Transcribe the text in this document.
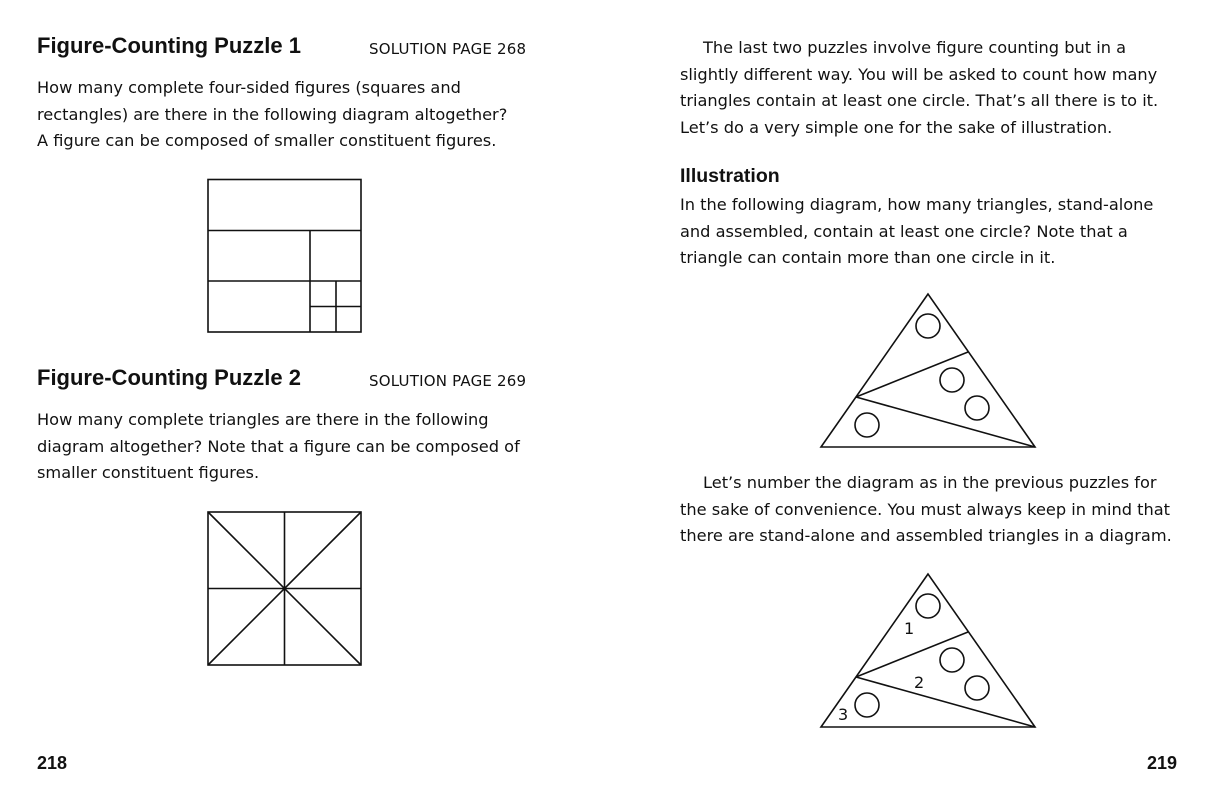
Figure-Counting Puzzle 1	SOLUTION PAGE 268
How many complete four-sided figures (squares and
rectangles) are there in the following diagram altogether?
A figure can be composed of smaller constituent figures.
Figure-Counting Puzzle 2	SOLUTION PAGE 269
How many complete triangles are there in the following
diagram altogether? Note that a figure can be composed of
smaller constituent figures.
218
The last two puzzles involve figure counting but in a
slightly different way. You will be asked to count how many
triangles contain at least one circle. That’s all there is to it.
Let’s do a very simple one for the sake of illustration.
Illustration
In the following diagram, how many triangles, stand-alone
and assembled, contain at least one circle? Note that a
triangle can contain more than one circle in it.
Let’s number the diagram as in the previous puzzles for
the sake of convenience. You must always keep in mind that
there are stand-alone and assembled triangles in a diagram.
219
1
2
3
